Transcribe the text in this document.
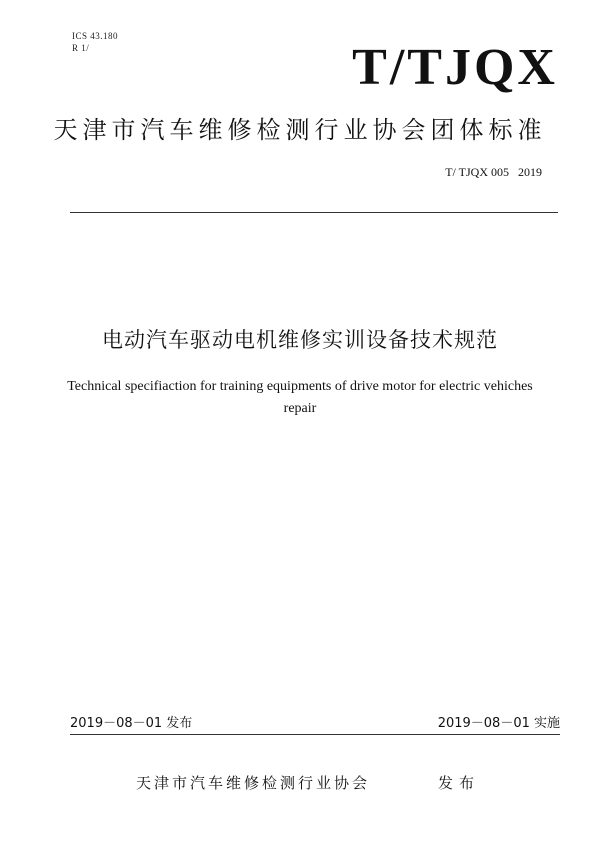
ICS 43.180
R 1/	T/TJQX
天津市汽车维修检测行业协会团体标准
T/ TJQX 005   2019
电动汽车驱动电机维修实训设备技术规范
Technical specifiaction for training equipments of drive motor for electric vehiches
repair
2019－08－01 发布	2019－08－01 实施
天津市汽车维修检测行业协会	发布
